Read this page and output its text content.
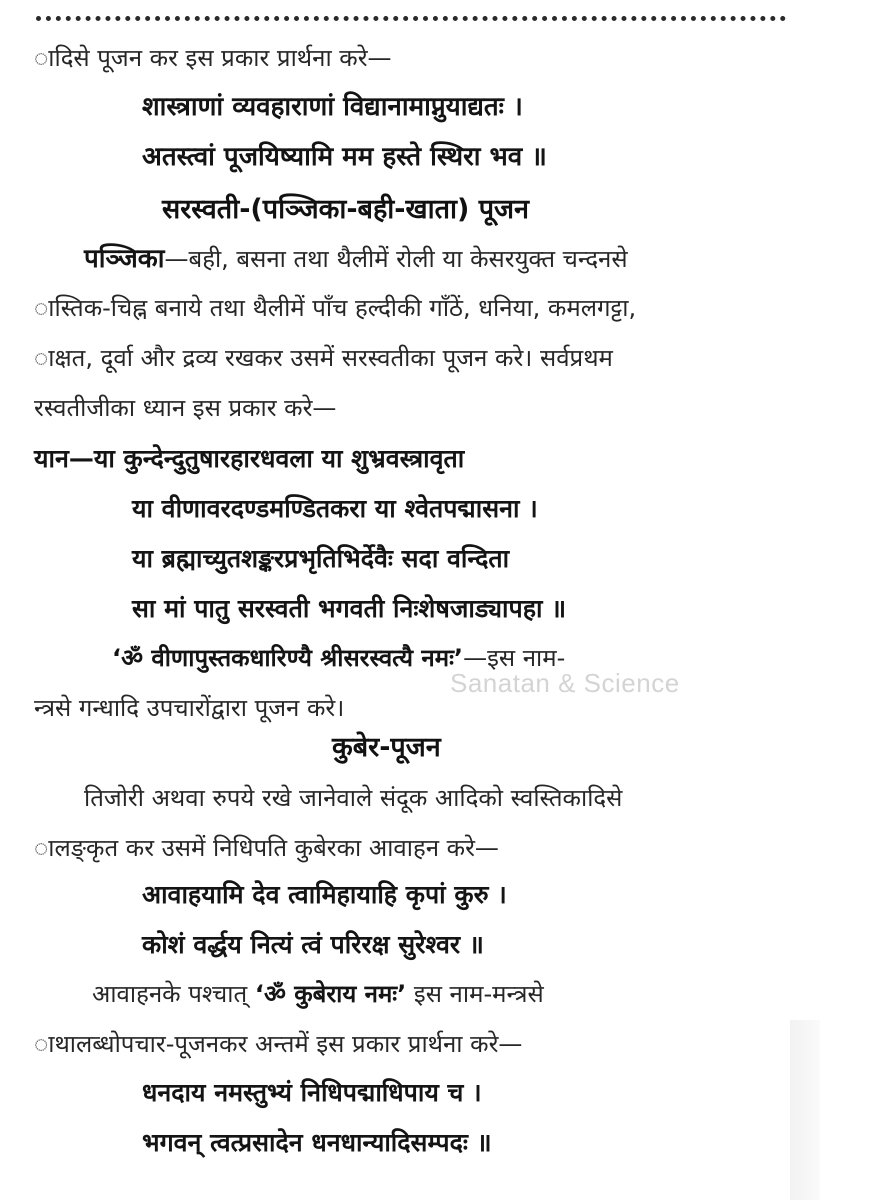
ादिसे पूजन कर इस प्रकार प्रार्थना करे—
शास्त्राणां व्यवहाराणां विद्यानामाप्नुयाद्यतः ।
अतस्त्वां पूजयिष्यामि मम हस्ते स्थिरा भव ॥
सरस्वती-(पञ्जिका-बही-खाता) पूजन
पञ्जिका—बही, बसना तथा थैलीमें रोली या केसरयुक्त चन्दनसे
ास्तिक-चिह्न बनाये तथा थैलीमें पाँच हल्दीकी गाँठें, धनिया, कमलगट्टा,
ाक्षत, दूर्वा और द्रव्य रखकर उसमें सरस्वतीका पूजन करे। सर्वप्रथम
रस्वतीजीका ध्यान इस प्रकार करे—
यान—या कुन्देन्दुतुषारहारधवला या शुभ्रवस्त्रावृता
या वीणावरदण्डमण्डितकरा या श्वेतपद्मासना ।
या ब्रह्माच्युतशङ्करप्रभृतिभिर्देवैः सदा वन्दिता
सा मां पातु सरस्वती भगवती निःशेषजाड्यापहा ॥
‘ॐ वीणापुस्तकधारिण्यै श्रीसरस्वत्यै नमः’—इस नाम-
न्त्रसे गन्धादि उपचारोंद्वारा पूजन करे।
Sanatan & Science
कुबेर-पूजन
तिजोरी अथवा रुपये रखे जानेवाले संदूक आदिको स्वस्तिकादिसे
ालङ्कृत कर उसमें निधिपति कुबेरका आवाहन करे—
आवाहयामि देव त्वामिहायाहि कृपां कुरु ।
कोशं वर्द्धय नित्यं त्वं परिरक्ष सुरेश्वर ॥
आवाहनके पश्चात् ‘ॐ कुबेराय नमः’ इस नाम-मन्त्रसे
ाथालब्धोपचार-पूजनकर अन्तमें इस प्रकार प्रार्थना करे—
धनदाय नमस्तुभ्यं निधिपद्माधिपाय च ।
भगवन् त्वत्प्रसादेन धनधान्यादिसम्पदः ॥
